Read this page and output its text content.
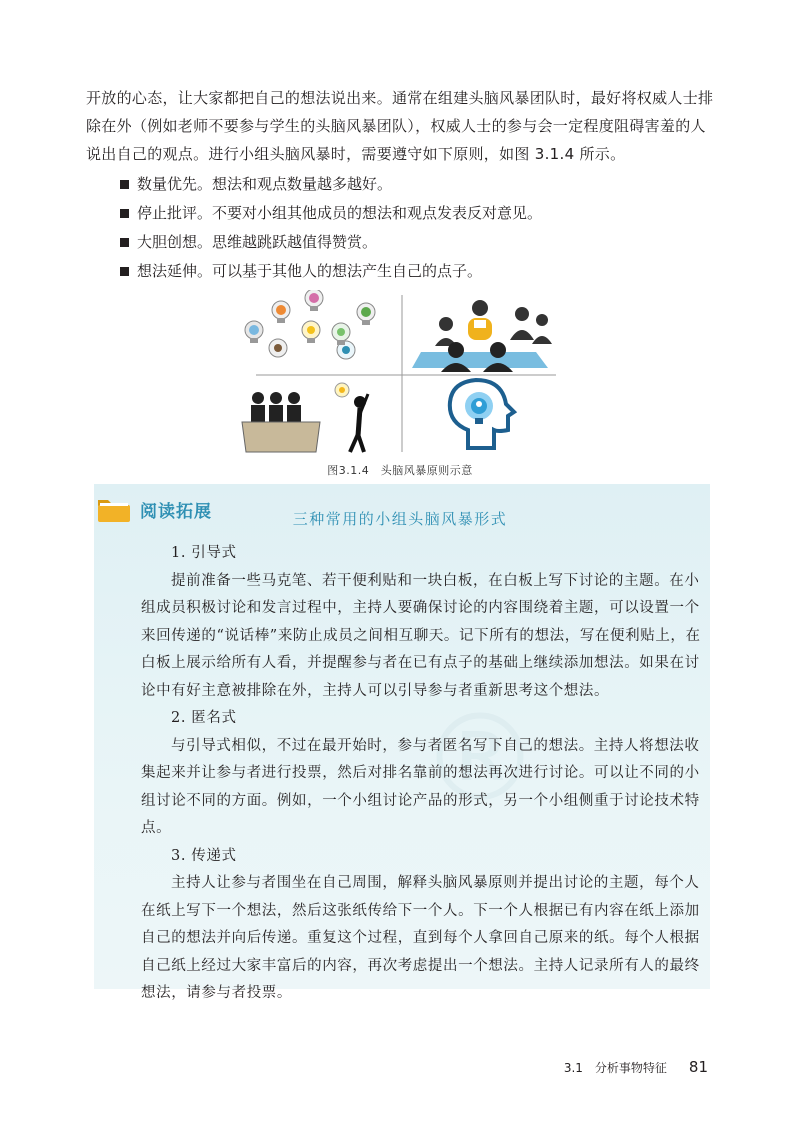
开放的心态，让大家都把自己的想法说出来。通常在组建头脑风暴团队时，最好将权威人士排除在外（例如老师不要参与学生的头脑风暴团队），权威人士的参与会一定程度阻碍害羞的人说出自己的观点。进行小组头脑风暴时，需要遵守如下原则，如图 3.1.4 所示。

数量优先。想法和观点数量越多越好。
停止批评。不要对小组其他成员的想法和观点发表反对意见。
大胆创想。思维越跳跃越值得赞赏。
想法延伸。可以基于其他人的想法产生自己的点子。
图3.1.4　头脑风暴原则示意
阅读拓展	三种常用的小组头脑风暴形式
1. 引导式

提前准备一些马克笔、若干便利贴和一块白板，在白板上写下讨论的主题。在小组成员积极讨论和发言过程中，主持人要确保讨论的内容围绕着主题，可以设置一个来回传递的“说话棒”来防止成员之间相互聊天。记下所有的想法，写在便利贴上，在白板上展示给所有人看，并提醒参与者在已有点子的基础上继续添加想法。如果在讨论中有好主意被排除在外，主持人可以引导参与者重新思考这个想法。

2. 匿名式

与引导式相似，不过在最开始时，参与者匿名写下自己的想法。主持人将想法收集起来并让参与者进行投票，然后对排名靠前的想法再次进行讨论。可以让不同的小组讨论不同的方面。例如，一个小组讨论产品的形式，另一个小组侧重于讨论技术特点。

3. 传递式

主持人让参与者围坐在自己周围，解释头脑风暴原则并提出讨论的主题，每个人在纸上写下一个想法，然后这张纸传给下一个人。下一个人根据已有内容在纸上添加自己的想法并向后传递。重复这个过程，直到每个人拿回自己原来的纸。每个人根据自己纸上经过大家丰富后的内容，再次考虑提出一个想法。主持人记录所有人的最终想法，请参与者投票。

3.1　分析事物特征 81
